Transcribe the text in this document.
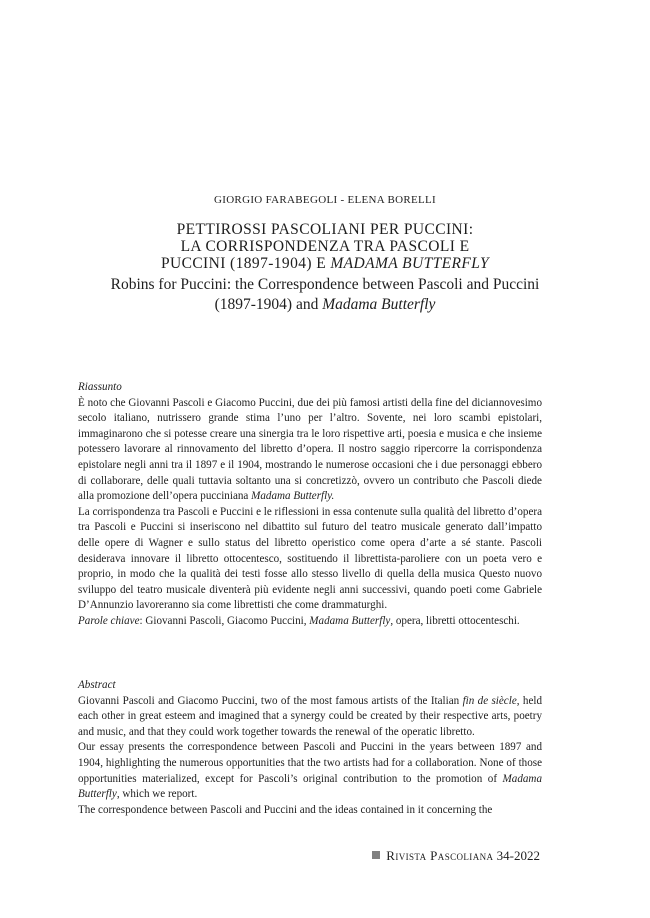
GIORGIO FARABEGOLI - ELENA BORELLI
PETTIROSSI PASCOLIANI PER PUCCINI:
LA CORRISPONDENZA TRA PASCOLI E
PUCCINI (1897-1904) E MADAMA BUTTERFLY
Robins for Puccini: the Correspondence between Pascoli and Puccini
(1897-1904) and Madama Butterfly

Riassunto

È noto che Giovanni Pascoli e Giacomo Puccini, due dei più famosi artisti della fine del diciannovesimo secolo italiano, nutrissero grande stima l’uno per l’altro. Sovente, nei loro scambi epistolari, immaginarono che si potesse creare una sinergia tra le loro rispettive arti, poesia e musica e che insieme potessero lavorare al rinnovamento del libretto d’opera. Il nostro saggio ripercorre la corrispondenza epistolare negli anni tra il 1897 e il 1904, mostrando le numerose occasioni che i due personaggi ebbero di collaborare, delle quali tuttavia soltanto una si concretizzò, ovvero un contributo che Pascoli diede alla promozione dell’opera pucciniana Madama Butterfly.

La corrispondenza tra Pascoli e Puccini e le riflessioni in essa contenute sulla qualità del libretto d’opera tra Pascoli e Puccini si inseriscono nel dibattito sul futuro del teatro musicale generato dall’impatto delle opere di Wagner e sullo status del libretto operistico come opera d’arte a sé stante. Pascoli desiderava innovare il libretto ottocentesco, sostituendo il librettista-paroliere con un poeta vero e proprio, in modo che la qualità dei testi fosse allo stesso livello di quella della musica Questo nuovo sviluppo del teatro musicale diventerà più evidente negli anni successivi, quando poeti come Gabriele D’Annunzio lavoreranno sia come librettisti che come drammaturghi.

Parole chiave: Giovanni Pascoli, Giacomo Puccini, Madama Butterfly, opera, libretti ottocenteschi.

Abstract

Giovanni Pascoli and Giacomo Puccini, two of the most famous artists of the Italian fin de siècle, held each other in great esteem and imagined that a synergy could be created by their respective arts, poetry and music, and that they could work together towards the renewal of the operatic libretto.

Our essay presents the correspondence between Pascoli and Puccini in the years between 1897 and 1904, highlighting the numerous opportunities that the two artists had for a collaboration. None of those opportunities materialized, except for Pascoli’s original contribution to the promotion of Madama Butterfly, which we report.

The correspondence between Pascoli and Puccini and the ideas contained in it concerning the

Rivista Pascoliana 34-2022
